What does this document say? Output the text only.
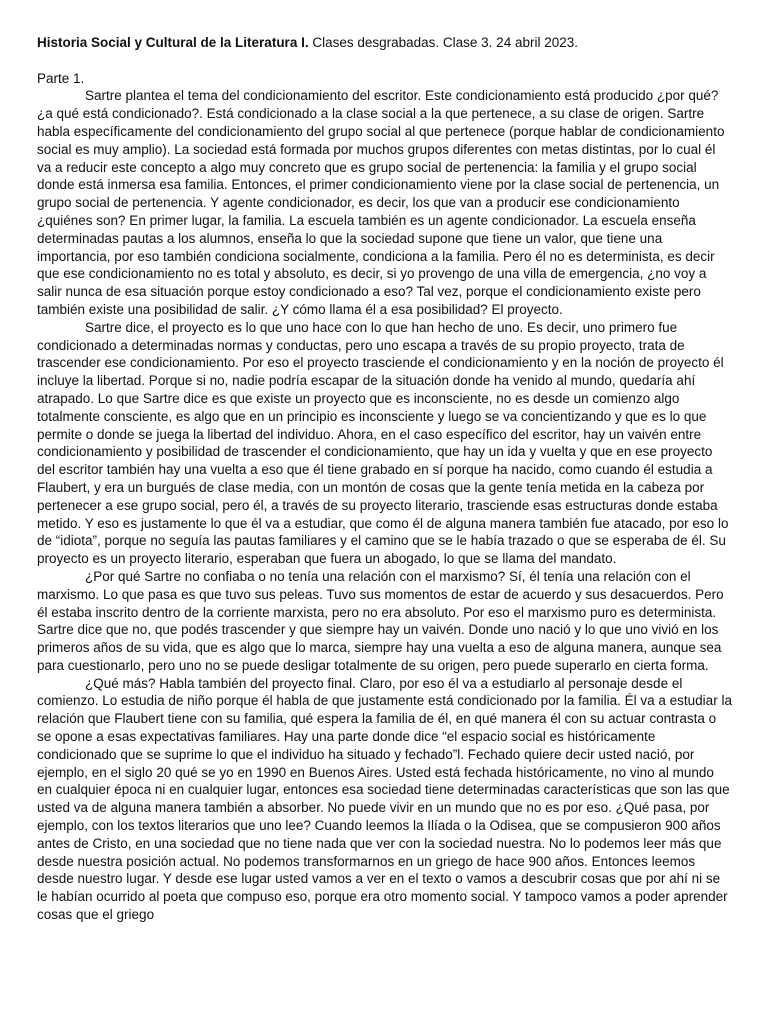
Historia Social y Cultural de la Literatura I. Clases desgrabadas. Clase 3. 24 abril 2023.

Parte 1.

Sartre plantea el tema del condicionamiento del escritor. Este condicionamiento está producido ¿por qué?¿a qué está condicionado?. Está condicionado a la clase social a la que pertenece, a su clase de origen. Sartre habla específicamente del condicionamiento del grupo social al que pertenece (porque hablar de condicionamiento social es muy amplio). La sociedad está formada por muchos grupos diferentes con metas distintas, por lo cual él va a reducir este concepto a algo muy concreto que es grupo social de pertenencia: la familia y el grupo social donde está inmersa esa familia. Entonces, el primer condicionamiento viene por la clase social de pertenencia, un grupo social de pertenencia. Y agente condicionador, es decir, los que van a producir ese condicionamiento ¿quiénes son? En primer lugar, la familia. La escuela también es un agente condicionador. La escuela enseña determinadas pautas a los alumnos, enseña lo que la sociedad supone que tiene un valor, que tiene una importancia, por eso también condiciona socialmente, condiciona a la familia. Pero él no es determinista, es decir que ese condicionamiento no es total y absoluto, es decir, si yo provengo de una villa de emergencia, ¿no voy a salir nunca de esa situación porque estoy condicionado a eso? Tal vez, porque el condicionamiento existe pero también existe una posibilidad de salir. ¿Y cómo llama él a esa posibilidad? El proyecto.

Sartre dice, el proyecto es lo que uno hace con lo que han hecho de uno. Es decir, uno primero fue condicionado a determinadas normas y conductas, pero uno escapa a través de su propio proyecto, trata de trascender ese condicionamiento. Por eso el proyecto trasciende el condicionamiento y en la noción de proyecto él incluye la libertad. Porque si no, nadie podría escapar de la situación donde ha venido al mundo, quedaría ahí atrapado. Lo que Sartre dice es que existe un proyecto que es inconsciente, no es desde un comienzo algo totalmente consciente, es algo que en un principio es inconsciente y luego se va concientizando y que es lo que permite o donde se juega la libertad del individuo. Ahora, en el caso específico del escritor, hay un vaivén entre condicionamiento y posibilidad de trascender el condicionamiento, que hay un ida y vuelta y que en ese proyecto del escritor también hay una vuelta a eso que él tiene grabado en sí porque ha nacido, como cuando él estudia a Flaubert, y era un burgués de clase media, con un montón de cosas que la gente tenía metida en la cabeza por pertenecer a ese grupo social, pero él, a través de su proyecto literario, trasciende esas estructuras donde estaba metido. Y eso es justamente lo que él va a estudiar, que como él de alguna manera también fue atacado, por eso lo de “idiota”, porque no seguía las pautas familiares y el camino que se le había trazado o que se esperaba de él. Su proyecto es un proyecto literario, esperaban que fuera un abogado, lo que se llama del mandato.

¿Por qué Sartre no confiaba o no tenía una relación con el marxismo? Sí, él tenía una relación con el marxismo. Lo que pasa es que tuvo sus peleas. Tuvo sus momentos de estar de acuerdo y sus desacuerdos. Pero él estaba inscrito dentro de la corriente marxista, pero no era absoluto. Por eso el marxismo puro es determinista. Sartre dice que no, que podés trascender y que siempre hay un vaivén. Donde uno nació y lo que uno vivió en los primeros años de su vida, que es algo que lo marca, siempre hay una vuelta a eso de alguna manera, aunque sea para cuestionarlo, pero uno no se puede desligar totalmente de su origen, pero puede superarlo en cierta forma.

¿Qué más? Habla también del proyecto final. Claro, por eso él va a estudiarlo al personaje desde el comienzo. Lo estudia de niño porque él habla de que justamente está condicionado por la familia. Él va a estudiar la relación que Flaubert tiene con su familia, qué espera la familia de él, en qué manera él con su actuar contrasta o se opone a esas expectativas familiares. Hay una parte donde dice “el espacio social es históricamente condicionado que se suprime lo que el individuo ha situado y fechado”l. Fechado quiere decir usted nació, por ejemplo, en el siglo 20 qué se yo en 1990 en Buenos Aires. Usted está fechada históricamente, no vino al mundo en cualquier época ni en cualquier lugar, entonces esa sociedad tiene determinadas características que son las que usted va de alguna manera también a absorber. No puede vivir en un mundo que no es por eso. ¿Qué pasa, por ejemplo, con los textos literarios que uno lee? Cuando leemos la Ilíada o la Odisea, que se compusieron 900 años antes de Cristo, en una sociedad que no tiene nada que ver con la sociedad nuestra. No lo podemos leer más que desde nuestra posición actual. No podemos transformarnos en un griego de hace 900 años. Entonces leemos desde nuestro lugar. Y desde ese lugar usted vamos a ver en el texto o vamos a descubrir cosas que por ahí ni se le habían ocurrido al poeta que compuso eso, porque era otro momento social. Y tampoco vamos a poder aprender cosas que el griego
